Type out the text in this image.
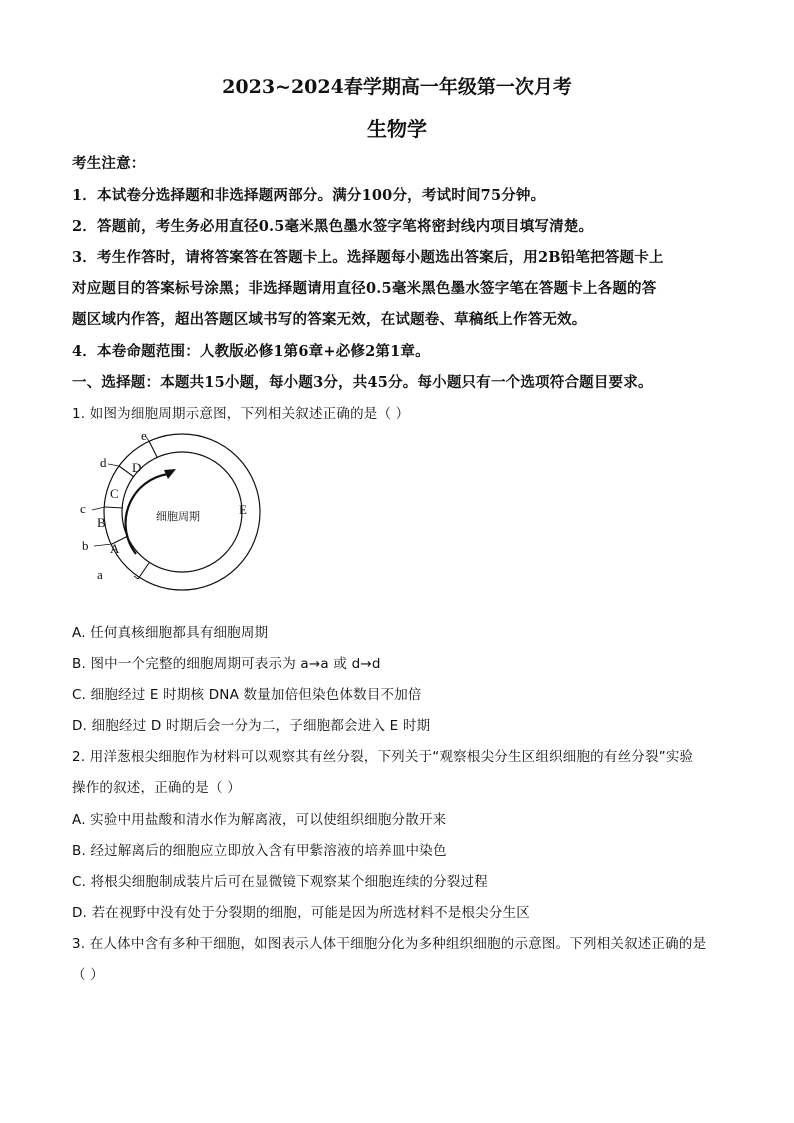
2023~2024春学期高一年级第一次月考
生物学
考生注意：
1．本试卷分选择题和非选择题两部分。满分100分，考试时间75分钟。
2．答题前，考生务必用直径0.5毫米黑色墨水签字笔将密封线内项目填写清楚。
3．考生作答时，请将答案答在答题卡上。选择题每小题选出答案后，用2B铅笔把答题卡上
对应题目的答案标号涂黑；非选择题请用直径0.5毫米黑色墨水签字笔在答题卡上各题的答
题区域内作答，超出答题区域书写的答案无效，在试题卷、草稿纸上作答无效。
4．本卷命题范围：人教版必修1第6章+必修2第1章。
一、选择题：本题共15小题，每小题3分，共45分。每小题只有一个选项符合题目要求。
1. 如图为细胞周期示意图，下列相关叙述正确的是（ ）
A
B
C
D
E
a
b
c
d
e
细胞周期
A. 任何真核细胞都具有细胞周期
B. 图中一个完整的细胞周期可表示为 a→a 或 d→d
C. 细胞经过 E 时期核 DNA 数量加倍但染色体数目不加倍
D. 细胞经过 D 时期后会一分为二，子细胞都会进入 E 时期
2. 用洋葱根尖细胞作为材料可以观察其有丝分裂，下列关于“观察根尖分生区组织细胞的有丝分裂”实验
操作的叙述，正确的是（ ）
A. 实验中用盐酸和清水作为解离液，可以使组织细胞分散开来
B. 经过解离后的细胞应立即放入含有甲紫溶液的培养皿中染色
C. 将根尖细胞制成装片后可在显微镜下观察某个细胞连续的分裂过程
D. 若在视野中没有处于分裂期的细胞，可能是因为所选材料不是根尖分生区
3. 在人体中含有多种干细胞，如图表示人体干细胞分化为多种组织细胞的示意图。下列相关叙述正确的是
（ ）
